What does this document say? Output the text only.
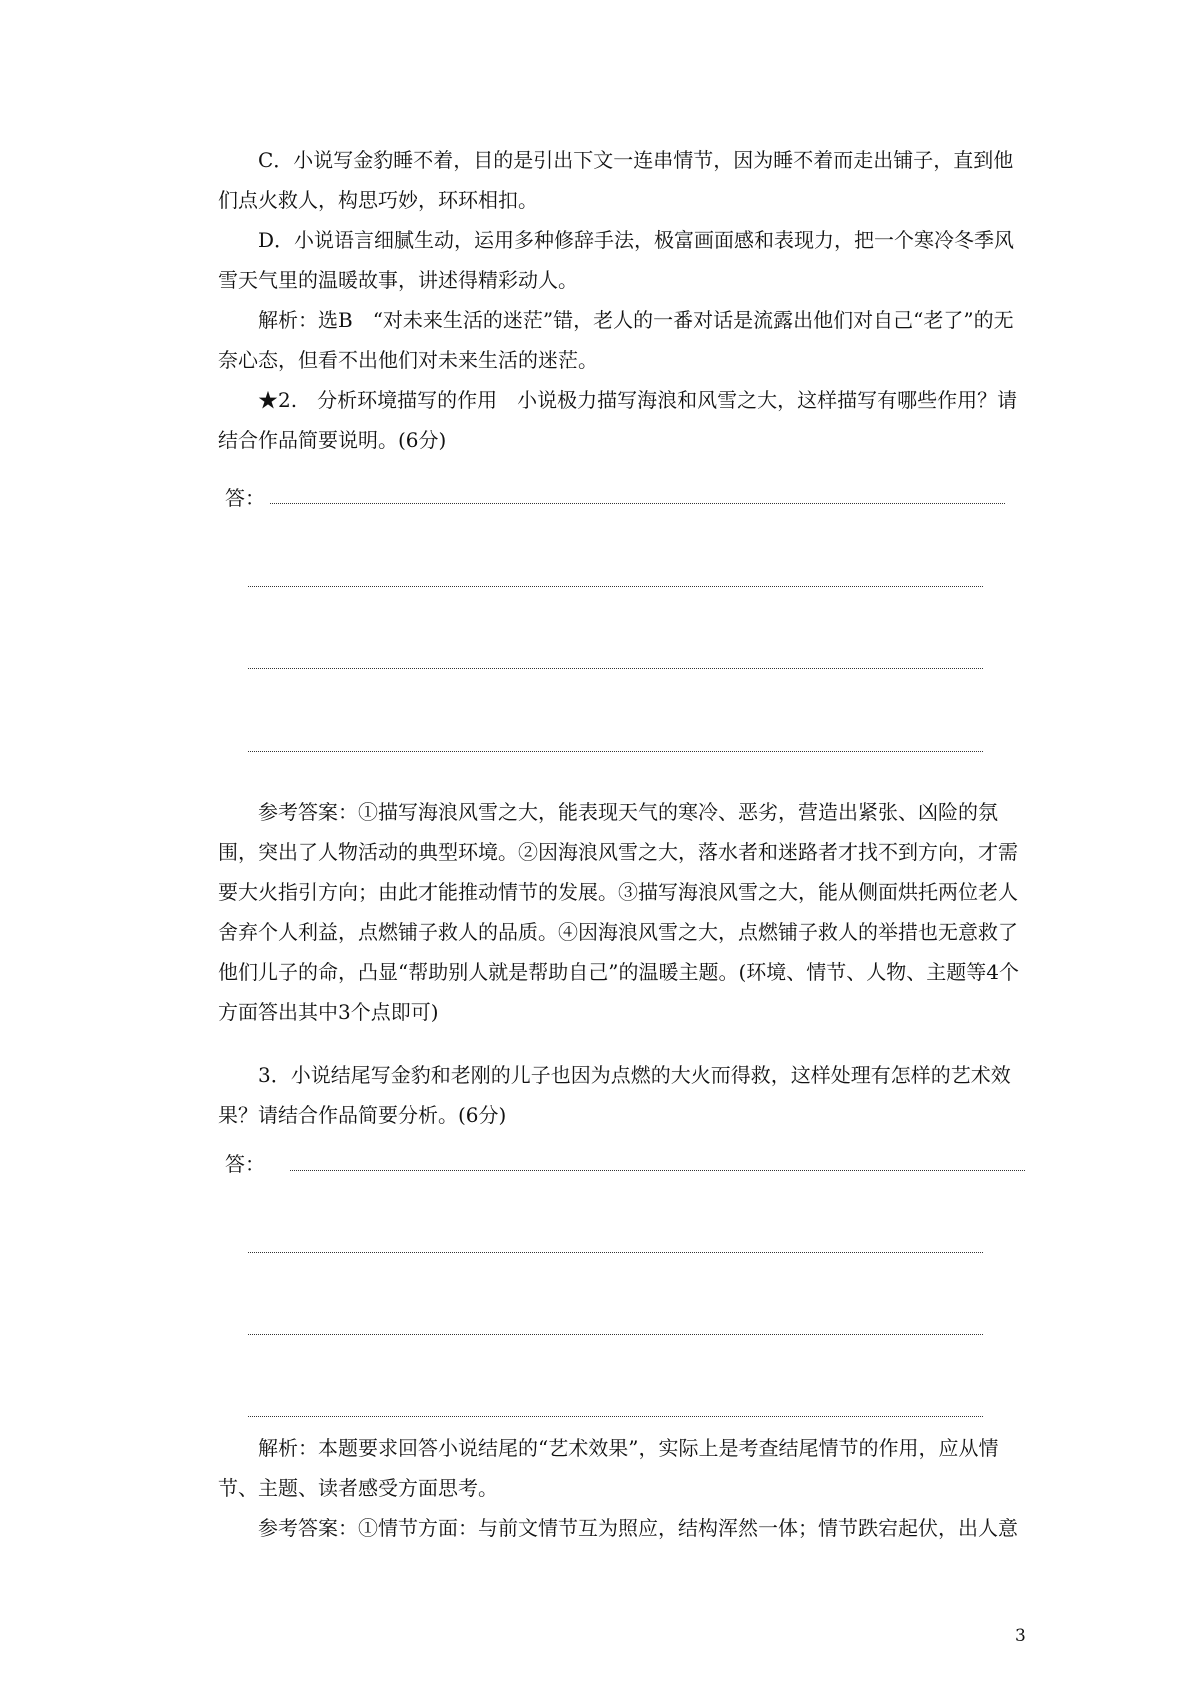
C．小说写金豹睡不着，目的是引出下文一连串情节，因为睡不着而走出铺子，直到他们点火救人，构思巧妙，环环相扣。

D．小说语言细腻生动，运用多种修辞手法，极富画面感和表现力，把一个寒冷冬季风雪天气里的温暖故事，讲述得精彩动人。

解析：选B　“对未来生活的迷茫”错，老人的一番对话是流露出他们对自己“老了”的无奈心态，但看不出他们对未来生活的迷茫。

★2.　分析环境描写的作用　小说极力描写海浪和风雪之大，这样描写有哪些作用？请结合作品简要说明。(6分)

答：

参考答案：①描写海浪风雪之大，能表现天气的寒冷、恶劣，营造出紧张、凶险的氛围，突出了人物活动的典型环境。②因海浪风雪之大，落水者和迷路者才找不到方向，才需要大火指引方向；由此才能推动情节的发展。③描写海浪风雪之大，能从侧面烘托两位老人舍弃个人利益，点燃铺子救人的品质。④因海浪风雪之大，点燃铺子救人的举措也无意救了他们儿子的命，凸显“帮助别人就是帮助自己”的温暖主题。(环境、情节、人物、主题等4个方面答出其中3个点即可)

3．小说结尾写金豹和老刚的儿子也因为点燃的大火而得救，这样处理有怎样的艺术效果？请结合作品简要分析。(6分)

答：

解析：本题要求回答小说结尾的“艺术效果”，实际上是考查结尾情节的作用，应从情节、主题、读者感受方面思考。

参考答案：①情节方面：与前文情节互为照应，结构浑然一体；情节跌宕起伏，出人意

3
